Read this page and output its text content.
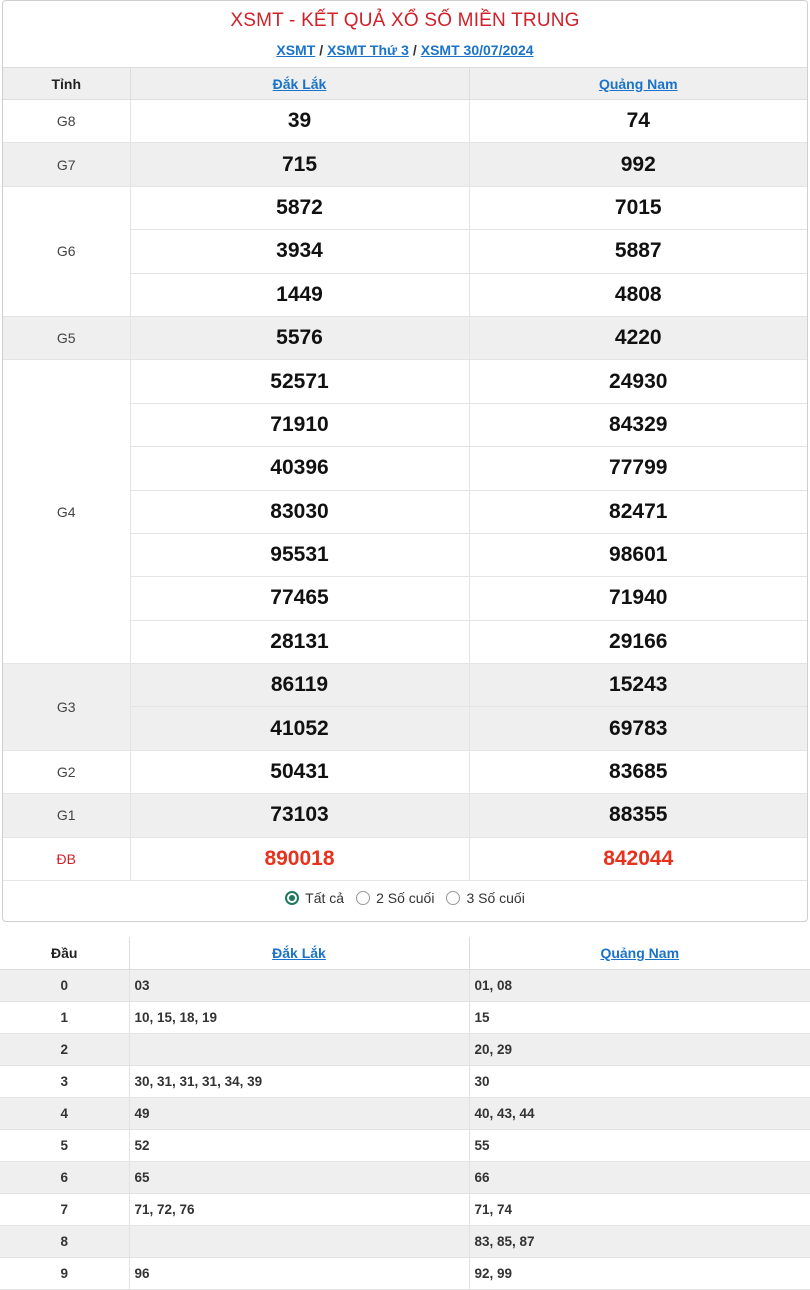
XSMT - KẾT QUẢ XỔ SỐ MIỀN TRUNG
XSMT / XSMT Thứ 3 / XSMT 30/07/2024
Tỉnh	Đắk Lắk	Quảng Nam
G8	39	74
G7	715	992
G6	5872	7015
	3934	5887
	1449	4808
G5	5576	4220
G4	52571	24930
	71910	84329
	40396	77799
	83030	82471
	95531	98601
	77465	71940
	28131	29166
G3	86119	15243
	41052	69783
G2	50431	83685
G1	73103	88355
ĐB	890018	842044
Tất cả 2 Số cuối 3 Số cuối
Đầu	Đắk Lắk	Quảng Nam
0	03	01, 08
1	10, 15, 18, 19	15
2		20, 29
3	30, 31, 31, 31, 34, 39	30
4	49	40, 43, 44
5	52	55
6	65	66
7	71, 72, 76	71, 74
8		83, 85, 87
9	96	92, 99
